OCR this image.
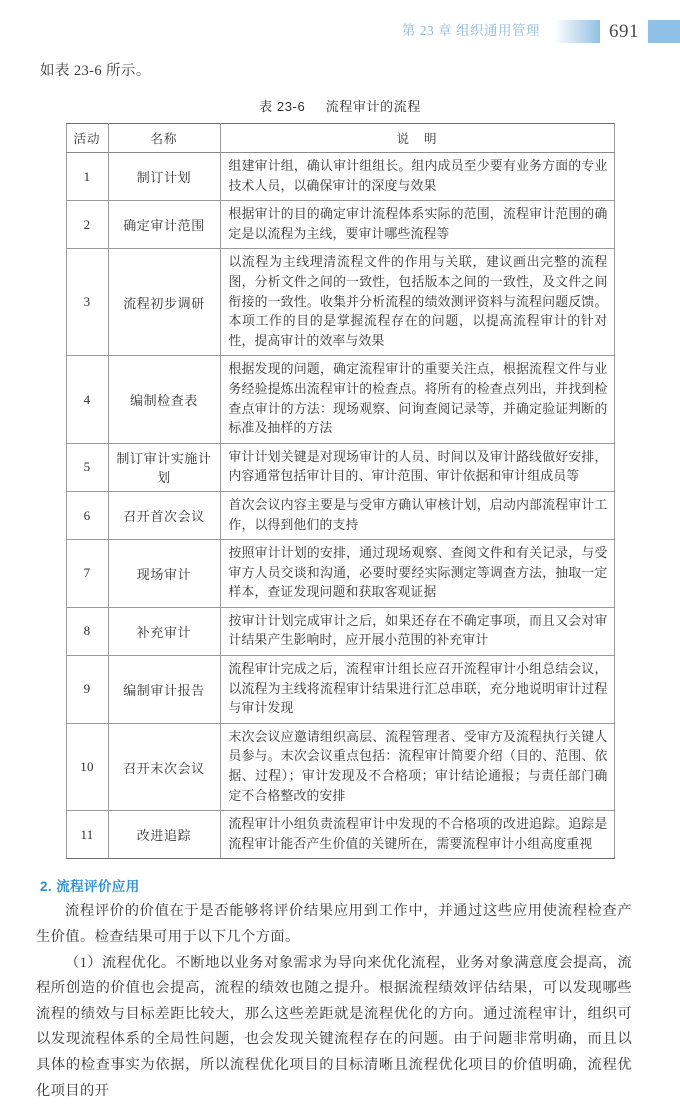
第 23 章 组织通用管理	691

如表 23-6 所示。

表 23-6 流程审计的流程
活动	名称	说 明
1	制订计划	组建审计组，确认审计组组长。组内成员至少要有业务方面的专业技术人员，以确保审计的深度与效果
2	确定审计范围	根据审计的目的确定审计流程体系实际的范围，流程审计范围的确定是以流程为主线，要审计哪些流程等
3	流程初步调研	以流程为主线理清流程文件的作用与关联，建议画出完整的流程图，分析文件之间的一致性，包括版本之间的一致性，及文件之间衔接的一致性。收集并分析流程的绩效测评资料与流程问题反馈。本项工作的目的是掌握流程存在的问题，以提高流程审计的针对性，提高审计的效率与效果
4	编制检查表	根据发现的问题，确定流程审计的重要关注点，根据流程文件与业务经验提炼出流程审计的检查点。将所有的检查点列出，并找到检查点审计的方法：现场观察、问询查阅记录等，并确定验证判断的标准及抽样的方法
5	制订审计实施计划	审计计划关键是对现场审计的人员、时间以及审计路线做好安排，内容通常包括审计目的、审计范围、审计依据和审计组成员等
6	召开首次会议	首次会议内容主要是与受审方确认审核计划，启动内部流程审计工作，以得到他们的支持
7	现场审计	按照审计计划的安排，通过现场观察、查阅文件和有关记录，与受审方人员交谈和沟通，必要时要经实际测定等调查方法，抽取一定样本，查证发现问题和获取客观证据
8	补充审计	按审计计划完成审计之后，如果还存在不确定事项，而且又会对审计结果产生影响时，应开展小范围的补充审计
9	编制审计报告	流程审计完成之后，流程审计组长应召开流程审计小组总结会议，以流程为主线将流程审计结果进行汇总串联，充分地说明审计过程与审计发现
10	召开末次会议	末次会议应邀请组织高层、流程管理者、受审方及流程执行关键人员参与。末次会议重点包括：流程审计简要介绍（目的、范围、依据、过程）；审计发现及不合格项；审计结论通报；与责任部门确定不合格整改的安排
11	改进追踪	流程审计小组负责流程审计中发现的不合格项的改进追踪。追踪是流程审计能否产生价值的关键所在，需要流程审计小组高度重视
2. 流程评价应用

流程评价的价值在于是否能够将评价结果应用到工作中，并通过这些应用使流程检查产生价值。检查结果可用于以下几个方面。

（1）流程优化。不断地以业务对象需求为导向来优化流程，业务对象满意度会提高，流程所创造的价值也会提高，流程的绩效也随之提升。根据流程绩效评估结果，可以发现哪些流程的绩效与目标差距比较大，那么这些差距就是流程优化的方向。通过流程审计，组织可以发现流程体系的全局性问题，也会发现关键流程存在的问题。由于问题非常明确，而且以具体的检查事实为依据，所以流程优化项目的目标清晰且流程优化项目的价值明确，流程优化项目的开
